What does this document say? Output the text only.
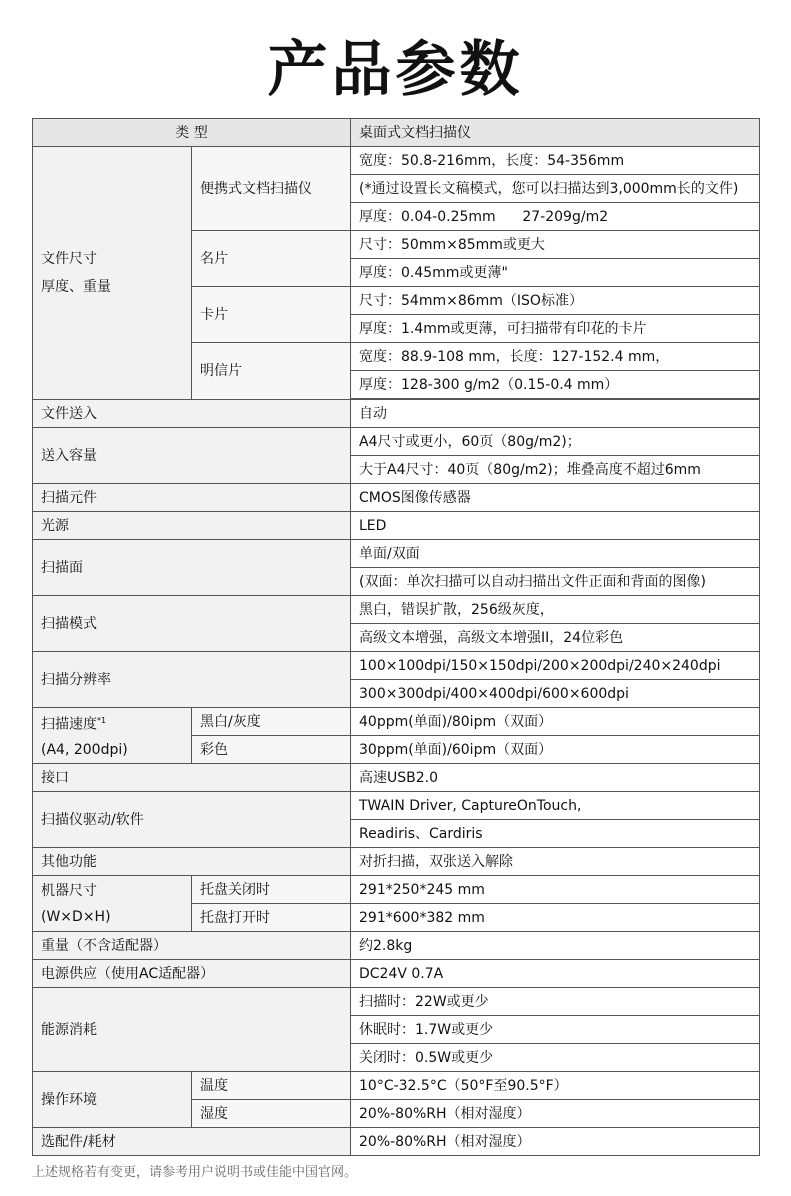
产品参数
类 型		桌面式文档扫描仪

文件尺寸
厚度、重量	便携式文档扫描仪	宽度：50.8-216mm，长度：54-356mm
		(*通过设置长文稿模式，您可以扫描达到3,000mm长的文件)
		厚度：0.04-0.25mm      27-209g/m2
	名片	尺寸：50mm×85mm或更大
		厚度：0.45mm或更薄"
	卡片	尺寸：54mm×86mm（ISO标准）
		厚度：1.4mm或更薄，可扫描带有印花的卡片
	明信片	宽度：88.9-108 mm，长度：127-152.4 mm，
		厚度：128-300 g/m2（0.15-0.4 mm）

文件送入		自动
送入容量		A4尺寸或更小，60页（80g/m2)；
		大于A4尺寸：40页（80g/m2)；堆叠高度不超过6mm
扫描元件		CMOS图像传感器
光源		LED
扫描面		单面/双面
		(双面：单次扫描可以自动扫描出文件正面和背面的图像)
扫描模式		黑白，错误扩散，256级灰度，
		高级文本增强，高级文本增强II，24位彩色
扫描分辨率		100×100dpi/150×150dpi/200×200dpi/240×240dpi
		300×300dpi/400×400dpi/600×600dpi

扫描速度$^{*1}$
(A4, 200dpi)	黑白/灰度	40ppm(单面)/80ipm（双面）
	彩色	30ppm(单面)/60ipm（双面）
接口		高速USB2.0
扫描仪驱动/软件		TWAIN Driver, CaptureOnTouch,
		Readiris、Cardiris
其他功能		对折扫描，双张送入解除

机器尺寸
(W×D×H)	托盘关闭时	291*250*245 mm
	托盘打开时	291*600*382 mm
重量（不含适配器）		约2.8kg
电源供应（使用AC适配器）		DC24V 0.7A
能源消耗		扫描时：22W或更少
		休眠时：1.7W或更少
		关闭时：0.5W或更少
操作环境	温度	10°C-32.5°C（50°F至90.5°F）
	湿度	20%-80%RH（相对湿度）
选配件/耗材		20%-80%RH（相对湿度）
上述规格若有变更，请参考用户说明书或佳能中国官网。
